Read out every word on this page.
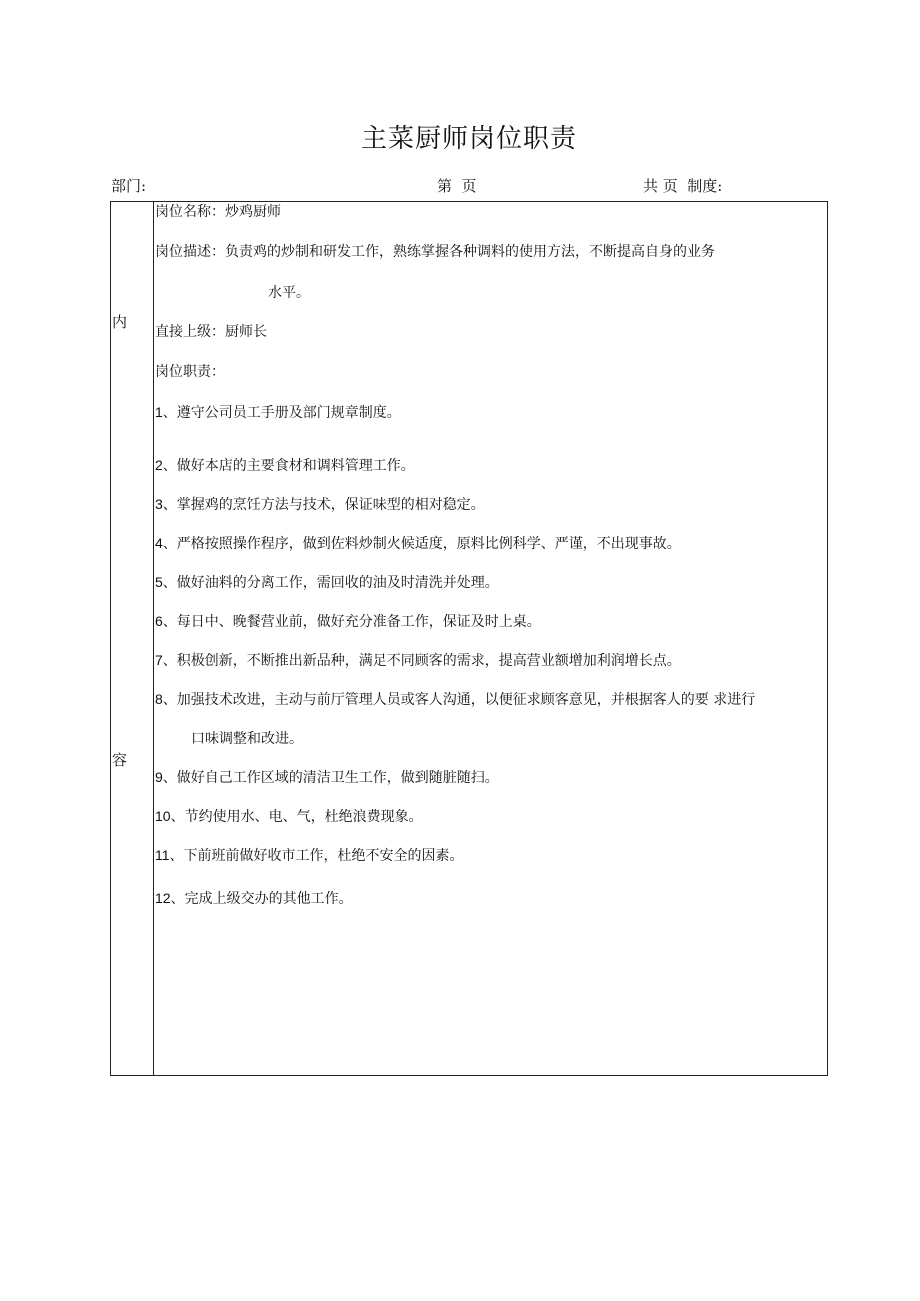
主菜厨师岗位职责
部门:	第  页	共 页  制度:
内
容
岗位名称：炒鸡厨师
岗位描述：负责鸡的炒制和研发工作，熟练掌握各种调料的使用方法，不断提高自身的业务
水平。
直接上级：厨师长
岗位职责：
1、遵守公司员工手册及部门规章制度。
2、做好本店的主要食材和调料管理工作。
3、掌握鸡的烹饪方法与技术，保证味型的相对稳定。
4、严格按照操作程序，做到佐料炒制火候适度，原料比例科学、严谨，不出现事故。
5、做好油料的分离工作，需回收的油及时清洗并处理。
6、每日中、晚餐营业前，做好充分准备工作，保证及时上桌。
7、积极创新，不断推出新品种，满足不同顾客的需求，提高营业额增加利润增长点。
8、加强技术改进，主动与前厅管理人员或客人沟通，以便征求顾客意见，并根据客人的要 求进行
口味调整和改进。
9、做好自己工作区域的清洁卫生工作，做到随脏随扫。
10、节约使用水、电、气，杜绝浪费现象。
11、下前班前做好收市工作，杜绝不安全的因素。
12、完成上级交办的其他工作。
